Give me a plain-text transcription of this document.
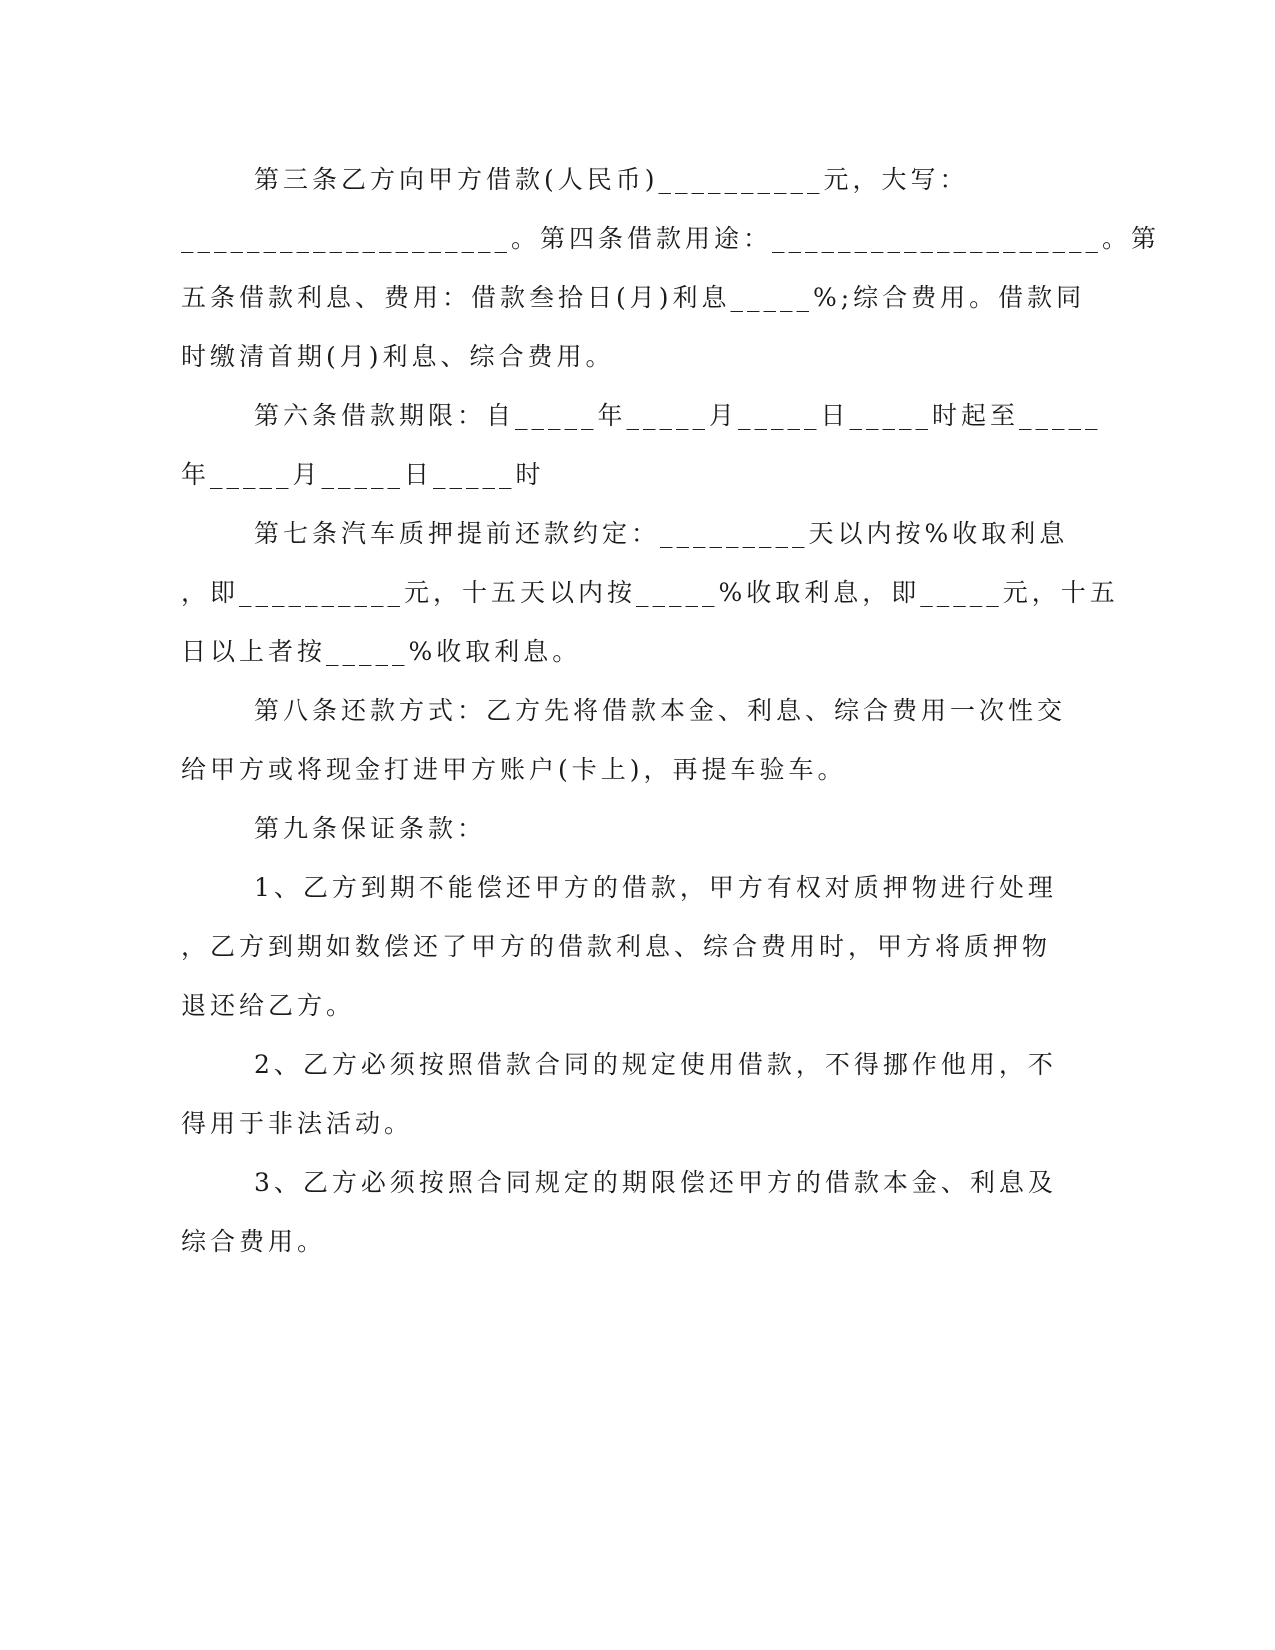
第三条乙方向甲方借款(人民币)__________元，大写：

____________________。第四条借款用途：____________________。第

五条借款利息、费用：借款叁拾日(月)利息_____%;综合费用。借款同

时缴清首期(月)利息、综合费用。

第六条借款期限：自_____年_____月_____日_____时起至_____

年_____月_____日_____时

第七条汽车质押提前还款约定：_________天以内按%收取利息

，即__________元，十五天以内按_____%收取利息，即_____元，十五

日以上者按_____%收取利息。

第八条还款方式：乙方先将借款本金、利息、综合费用一次性交

给甲方或将现金打进甲方账户(卡上)，再提车验车。

第九条保证条款：

1、乙方到期不能偿还甲方的借款，甲方有权对质押物进行处理

，乙方到期如数偿还了甲方的借款利息、综合费用时，甲方将质押物

退还给乙方。

2、乙方必须按照借款合同的规定使用借款，不得挪作他用，不

得用于非法活动。

3、乙方必须按照合同规定的期限偿还甲方的借款本金、利息及

综合费用。
